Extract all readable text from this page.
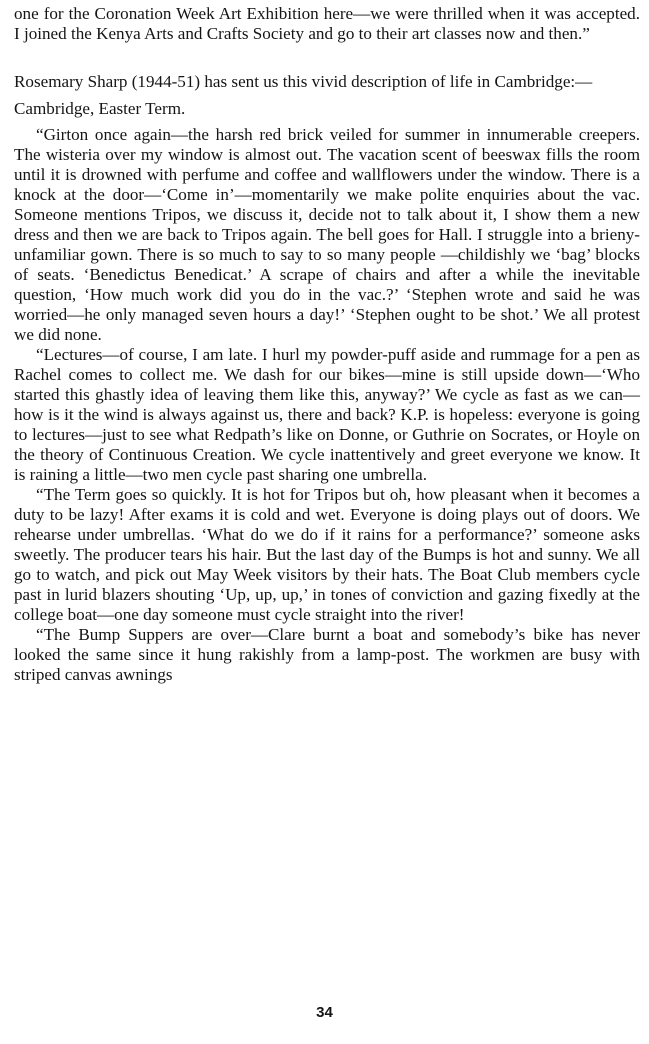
one for the Coronation Week Art Exhibition here—we were thrilled when it was accepted. I joined the Kenya Arts and Crafts Society and go to their art classes now and then.”

Rosemary Sharp (1944-51) has sent us this vivid description of life in Cambridge:—

Cambridge, Easter Term.

“Girton once again—the harsh red brick veiled for summer in innumerable creepers. The wisteria over my window is almost out. The vacation scent of beeswax fills the room until it is drowned with perfume and coffee and wallflowers under the window. There is a knock at the door—‘Come in’—momentarily we make polite enquiries about the vac. Someone mentions Tripos, we discuss it, decide not to talk about it, I show them a new dress and then we are back to Tripos again. The bell goes for Hall. I struggle into a brieny-unfamiliar gown. There is so much to say to so many people —childishly we ‘bag’ blocks of seats. ‘Benedictus Benedicat.’ A scrape of chairs and after a while the inevitable question, ‘How much work did you do in the vac.?’ ‘Stephen wrote and said he was worried—he only managed seven hours a day!’ ‘Stephen ought to be shot.’ We all protest we did none.

“Lectures—of course, I am late. I hurl my powder-puff aside and rummage for a pen as Rachel comes to collect me. We dash for our bikes—mine is still upside down—‘Who started this ghastly idea of leaving them like this, anyway?’ We cycle as fast as we can—how is it the wind is always against us, there and back? K.P. is hopeless: everyone is going to lectures—just to see what Redpath’s like on Donne, or Guthrie on Socrates, or Hoyle on the theory of Continuous Creation. We cycle inattentively and greet everyone we know. It is raining a little—two men cycle past sharing one umbrella.

“The Term goes so quickly. It is hot for Tripos but oh, how pleasant when it becomes a duty to be lazy! After exams it is cold and wet. Everyone is doing plays out of doors. We rehearse under umbrellas. ‘What do we do if it rains for a performance?’ someone asks sweetly. The producer tears his hair. But the last day of the Bumps is hot and sunny. We all go to watch, and pick out May Week visitors by their hats. The Boat Club members cycle past in lurid blazers shouting ‘Up, up, up,’ in tones of conviction and gazing fixedly at the college boat—one day someone must cycle straight into the river!

“The Bump Suppers are over—Clare burnt a boat and somebody’s bike has never looked the same since it hung rakishly from a lamp-post. The workmen are busy with striped canvas awnings

34
